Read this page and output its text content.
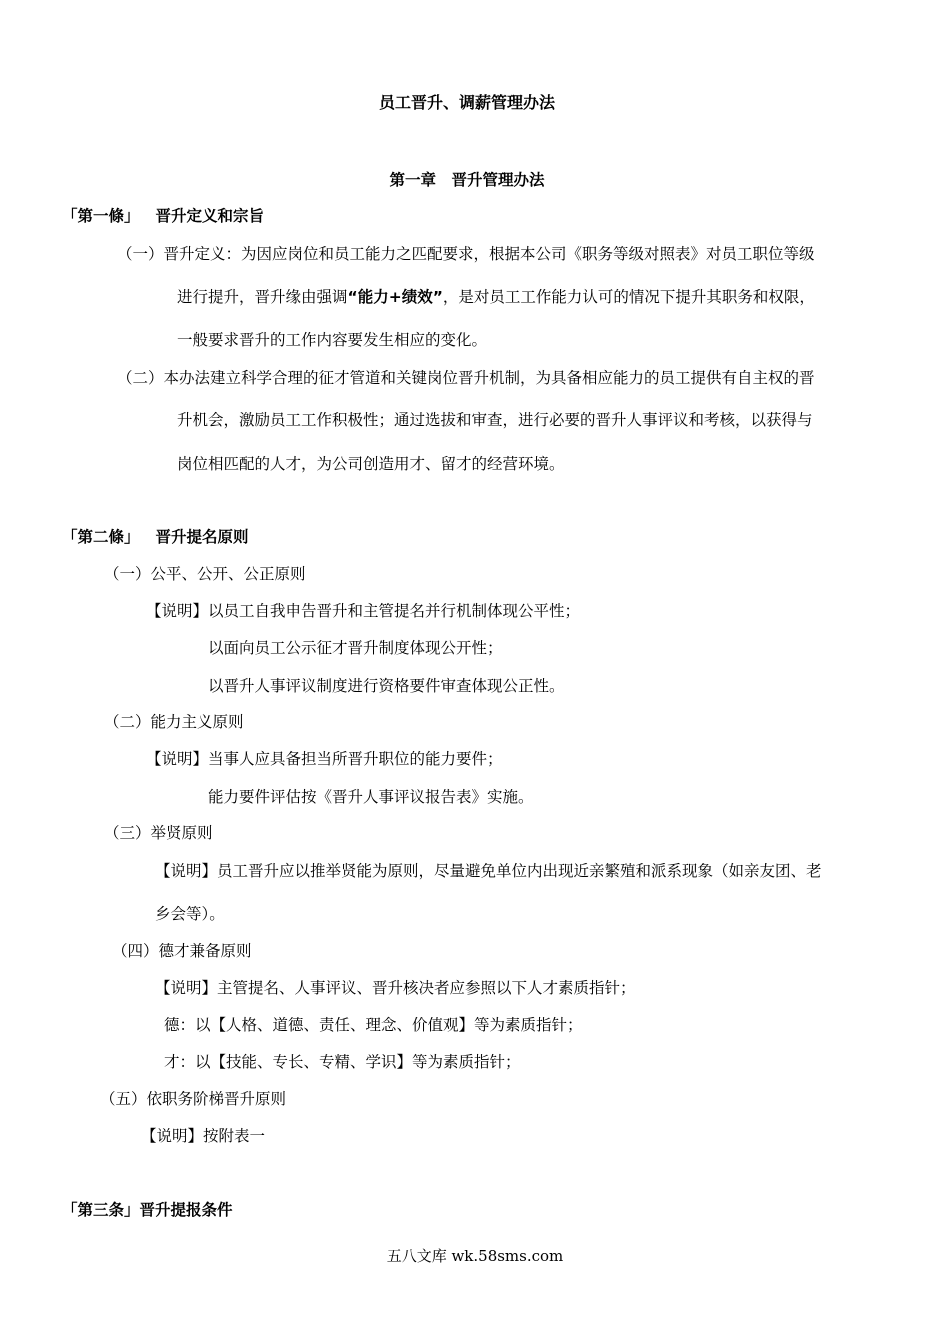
员工晋升、调薪管理办法
第一章　晋升管理办法
「第一條」 晋升定义和宗旨
（一）晋升定义：为因应岗位和员工能力之匹配要求，根据本公司《职务等级对照表》对员工职位等级
进行提升，晋升缘由强调“能力+绩效”，是对员工工作能力认可的情况下提升其职务和权限，
一般要求晋升的工作内容要发生相应的变化。
（二）本办法建立科学合理的征才管道和关键岗位晋升机制，为具备相应能力的员工提供有自主权的晋
升机会，激励员工工作积极性；通过选拔和审查，进行必要的晋升人事评议和考核，以获得与
岗位相匹配的人才，为公司创造用才、留才的经营环境。
「第二條」 晋升提名原则
（一）公平、公开、公正原则
【说明】以员工自我申告晋升和主管提名并行机制体现公平性；
以面向员工公示征才晋升制度体现公开性；
以晋升人事评议制度进行资格要件审查体现公正性。
（二）能力主义原则
【说明】当事人应具备担当所晋升职位的能力要件；
能力要件评估按《晋升人事评议报告表》实施。
（三）举贤原则
【说明】员工晋升应以推举贤能为原则，尽量避免单位内出现近亲繁殖和派系现象（如亲友团、老
乡会等）。
（四）德才兼备原则
【说明】主管提名、人事评议、晋升核决者应参照以下人才素质指针；
德：以【人格、道德、责任、理念、价值观】等为素质指针；
才：以【技能、专长、专精、学识】等为素质指针；
（五）依职务阶梯晋升原则
【说明】按附表一
「第三条」晋升提报条件
五八文库 wk.58sms.com
